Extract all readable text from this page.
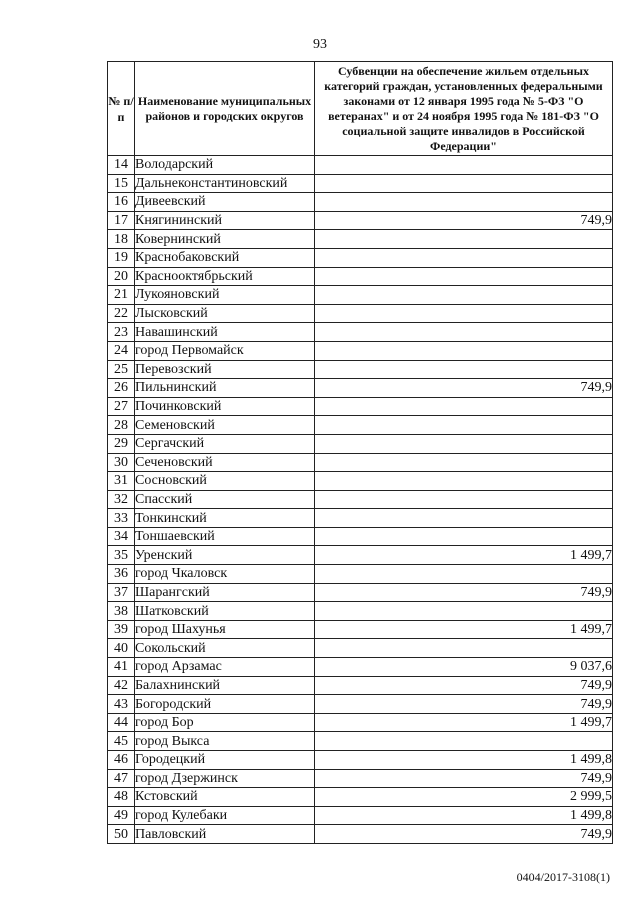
93
№ п/п	Наименование муниципальных районов и городских округов	Субвенции на обеспечение жильем отдельных категорий граждан, установленных федеральными законами от 12 января 1995 года № 5-ФЗ "О ветеранах" и от 24 ноября 1995 года № 181-ФЗ "О социальной защите инвалидов в Российской Федерации"
14	Володарский	
15	Дальнеконстантиновский	
16	Дивеевский	
17	Княгининский	749,9
18	Ковернинский	
19	Краснобаковский	
20	Краснооктябрьский	
21	Лукояновский	
22	Лысковский	
23	Навашинский	
24	город Первомайск	
25	Перевозский	
26	Пильнинский	749,9
27	Починковский	
28	Семеновский	
29	Сергачский	
30	Сеченовский	
31	Сосновский	
32	Спасский	
33	Тонкинский	
34	Тоншаевский	
35	Уренский	1 499,7
36	город Чкаловск	
37	Шарангский	749,9
38	Шатковский	
39	город Шахунья	1 499,7
40	Сокольский	
41	город Арзамас	9 037,6
42	Балахнинский	749,9
43	Богородский	749,9
44	город Бор	1 499,7
45	город Выкса	
46	Городецкий	1 499,8
47	город Дзержинск	749,9
48	Кстовский	2 999,5
49	город Кулебаки	1 499,8
50	Павловский	749,9
0404/2017-3108(1)
